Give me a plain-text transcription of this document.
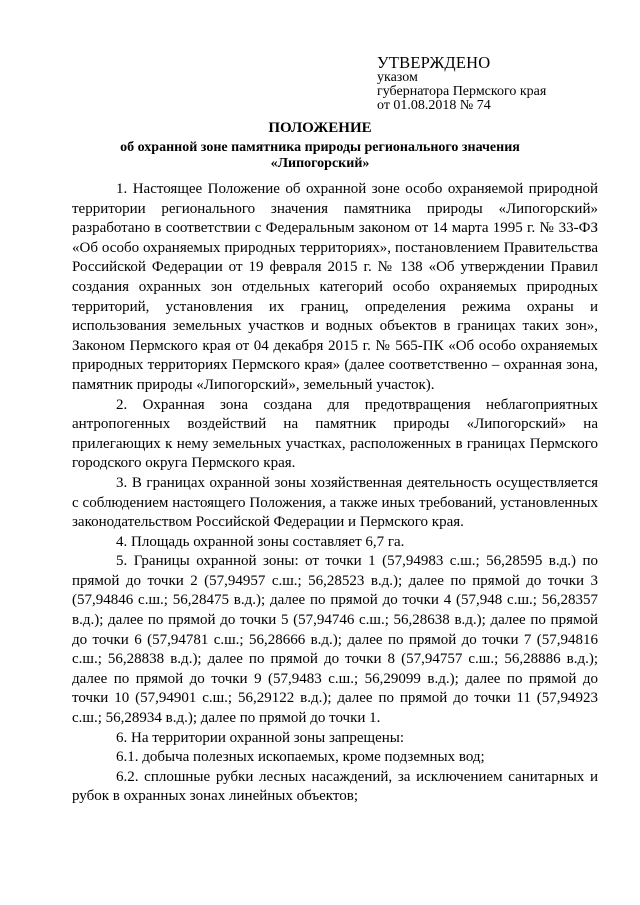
УТВЕРЖДЕНО
указом
губернатора Пермского края
от 01.08.2018 № 74
ПОЛОЖЕНИЕ
об охранной зоне памятника природы регионального значения «Липогорский»

1. Настоящее Положение об охранной зоне особо охраняемой природной территории регионального значения памятника природы «Липогорский» разработано в соответствии с Федеральным законом от 14 марта 1995 г. № 33-ФЗ «Об особо охраняемых природных территориях», постановлением Правительства Российской Федерации от 19 февраля 2015 г. № 138 «Об утверждении Правил создания охранных зон отдельных категорий особо охраняемых природных территорий, установления их границ, определения режима охраны и использования земельных участков и водных объектов в границах таких зон», Законом Пермского края от 04 декабря 2015 г. № 565-ПК «Об особо охраняемых природных территориях Пермского края» (далее соответственно – охранная зона, памятник природы «Липогорский», земельный участок).

2. Охранная зона создана для предотвращения неблагоприятных антропогенных воздействий на памятник природы «Липогорский» на прилегающих к нему земельных участках, расположенных в границах Пермского городского округа Пермского края.

3. В границах охранной зоны хозяйственная деятельность осуществляется с соблюдением настоящего Положения, а также иных требований, установленных законодательством Российской Федерации и Пермского края.

4. Площадь охранной зоны составляет 6,7 га.

5. Границы охранной зоны: от точки 1 (57,94983 с.ш.; 56,28595 в.д.) по прямой до точки 2 (57,94957 с.ш.; 56,28523 в.д.); далее по прямой до точки 3 (57,94846 с.ш.; 56,28475 в.д.); далее по прямой до точки 4 (57,948 с.ш.; 56,28357 в.д.); далее по прямой до точки 5 (57,94746 с.ш.; 56,28638 в.д.); далее по прямой до точки 6 (57,94781 с.ш.; 56,28666 в.д.); далее по прямой до точки 7 (57,94816 с.ш.; 56,28838 в.д.); далее по прямой до точки 8 (57,94757 с.ш.; 56,28886 в.д.); далее по прямой до точки 9 (57,9483 с.ш.; 56,29099 в.д.); далее по прямой до точки 10 (57,94901 с.ш.; 56,29122 в.д.); далее по прямой до точки 11 (57,94923 с.ш.; 56,28934 в.д.); далее по прямой до точки 1.

6. На территории охранной зоны запрещены:

6.1. добыча полезных ископаемых, кроме подземных вод;

6.2. сплошные рубки лесных насаждений, за исключением санитарных и рубок в охранных зонах линейных объектов;
